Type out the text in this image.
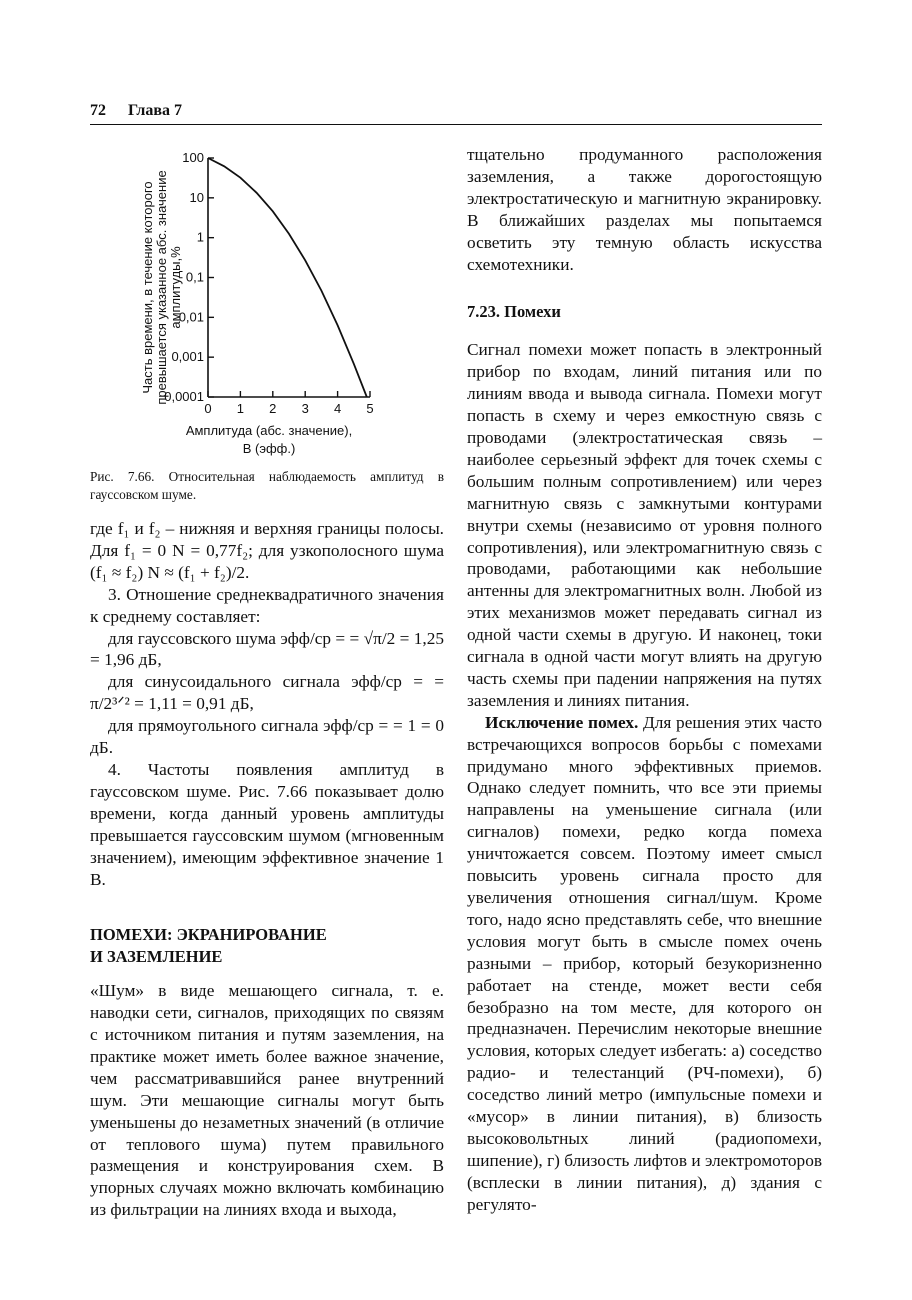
72 Глава 7
0 1 2 3 4 5
100
10
1
0,1
0,01
0,001
0,0001
Амплитуда (абс. значение),
В (эфф.)
Часть времени, в течение которого превышается указанное абс. значение амплитуды,%
Рис. 7.66. Относительная наблюдаемость амплитуд в гауссовском шуме.

где f₁ и f₂ – нижняя и верхняя границы полосы. Для f₁ = 0 N = 0,77f₂; для узкополосного шума (f₁ ≈ f₂) N ≈ (f₁ + f₂)/2.

3. Отношение среднеквадратичного значения к среднему составляет:

для гауссовского шума эфф/ср = = √π/2 = 1,25 = 1,96 дБ,

для синусоидального сигнала эфф/ср = = π/2³ᐟ² = 1,11 = 0,91 дБ,

для прямоугольного сигнала эфф/ср = = 1 = 0 дБ.

4. Частоты появления амплитуд в гауссовском шуме. Рис. 7.66 показывает долю времени, когда данный уровень амплитуды превышается гауссовским шумом (мгновенным значением), имеющим эффективное значение 1 В.

ПОМЕХИ: ЭКРАНИРОВАНИЕ

И ЗАЗЕМЛЕНИЕ

«Шум» в виде мешающего сигнала, т. е. наводки сети, сигналов, приходящих по связям с источником питания и путям заземления, на практике может иметь более важное значение, чем рассматривавшийся ранее внутренний шум. Эти мешающие сигналы могут быть уменьшены до незаметных значений (в отличие от теплового шума) путем правильного размещения и конструирования схем. В упорных случаях можно включать комбинацию из фильтрации на линиях входа и выхода,

тщательно продуманного расположения заземления, а также дорогостоящую электростатическую и магнитную экранировку. В ближайших разделах мы попытаемся осветить эту темную область искусства схемотехники.

7.23. Помехи

Сигнал помехи может попасть в электронный прибор по входам, линий питания или по линиям ввода и вывода сигнала. Помехи могут попасть в схему и через емкостную связь с проводами (электростатическая связь – наиболее серьезный эффект для точек схемы с большим полным сопротивлением) или через магнитную связь с замкнутыми контурами внутри схемы (независимо от уровня полного сопротивления), или электромагнитную связь с проводами, работающими как небольшие антенны для электромагнитных волн. Любой из этих механизмов может передавать сигнал из одной части схемы в другую. И наконец, токи сигнала в одной части могут влиять на другую часть схемы при падении напряжения на путях заземления и линиях питания.

Исключение помех. Для решения этих часто встречающихся вопросов борьбы с помехами придумано много эффективных приемов. Однако следует помнить, что все эти приемы направлены на уменьшение сигнала (или сигналов) помехи, редко когда помеха уничтожается совсем. Поэтому имеет смысл повысить уровень сигнала просто для увеличения отношения сигнал/шум. Кроме того, надо ясно представлять себе, что внешние условия могут быть в смысле помех очень разными – прибор, который безукоризненно работает на стенде, может вести себя безобразно на том месте, для которого он предназначен. Перечислим некоторые внешние условия, которых следует избегать: а) соседство радио- и телестанций (РЧ-помехи), б) соседство линий метро (импульсные помехи и «мусор» в линии питания), в) близость высоковольтных линий (радиопомехи, шипение), г) близость лифтов и электромоторов (всплески в линии питания), д) здания с регулято-
